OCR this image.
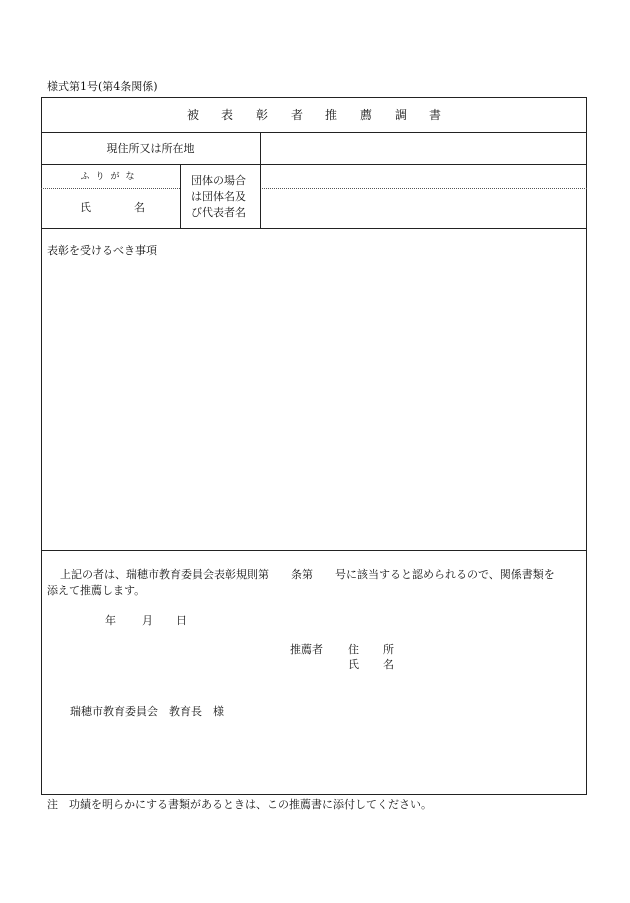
様式第1号(第4条関係)
被 表 彰 者 推 薦 調 書
現住所又は所在地
ふりがな
氏	名
団体の場合
は団体名及
び代表者名
表彰を受けるべき事項
上記の者は、瑞穂市教育委員会表彰規則第　　条第　　号に該当すると認められるので、関係書類を
添えて推薦します。
年 月 日
推薦者 住 所
氏 名
瑞穂市教育委員会　教育長　様
注　功績を明らかにする書類があるときは、この推薦書に添付してください。
